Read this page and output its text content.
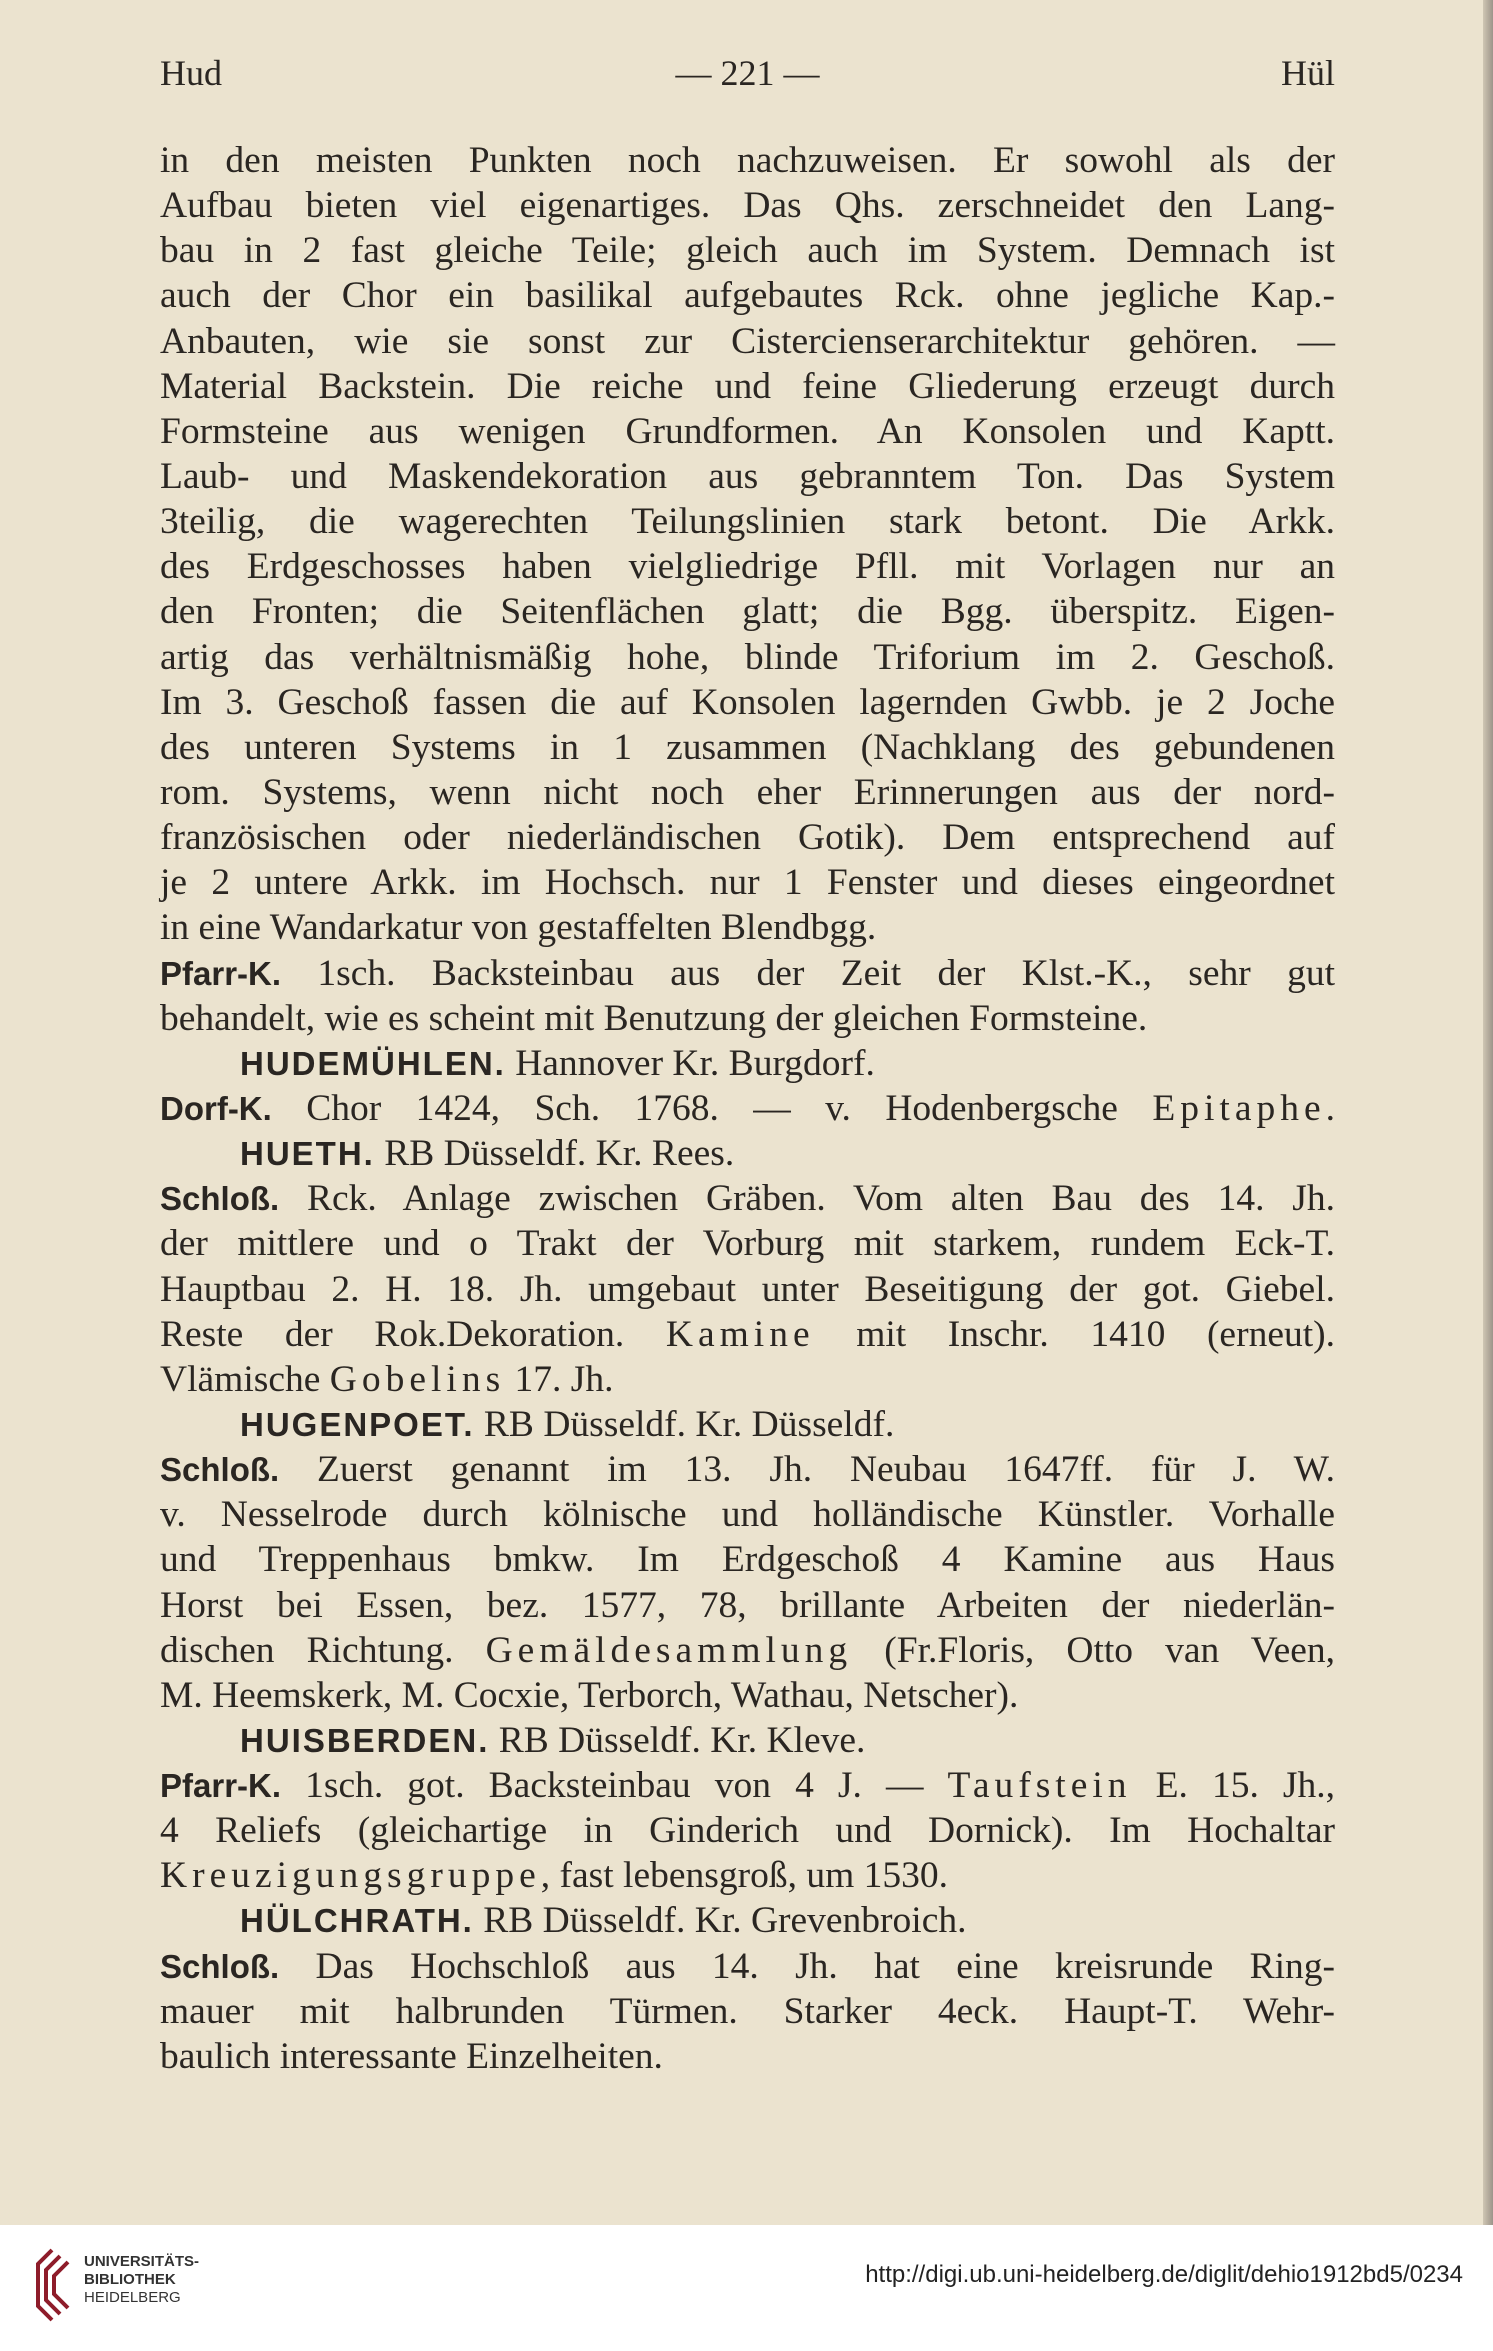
Hud	— 221 —	Hül
in den meisten Punkten noch nachzuweisen. Er sowohl als der
Aufbau bieten viel eigenartiges. Das Qhs. zerschneidet den Lang-
bau in 2 fast gleiche Teile; gleich auch im System. Demnach ist
auch der Chor ein basilikal aufgebautes Rck. ohne jegliche Kap.-
Anbauten, wie sie sonst zur Cistercienserarchitektur gehören. —
Material Backstein. Die reiche und feine Gliederung erzeugt durch
Formsteine aus wenigen Grundformen. An Konsolen und Kaptt.
Laub- und Maskendekoration aus gebranntem Ton. Das System
3teilig, die wagerechten Teilungslinien stark betont. Die Arkk.
des Erdgeschosses haben vielgliedrige Pfll. mit Vorlagen nur an
den Fronten; die Seitenflächen glatt; die Bgg. überspitz. Eigen-
artig das verhältnismäßig hohe, blinde Triforium im 2. Geschoß.
Im 3. Geschoß fassen die auf Konsolen lagernden Gwbb. je 2 Joche
des unteren Systems in 1 zusammen (Nachklang des gebundenen
rom. Systems, wenn nicht noch eher Erinnerungen aus der nord-
französischen oder niederländischen Gotik). Dem entsprechend auf
je 2 untere Arkk. im Hochsch. nur 1 Fenster und dieses eingeordnet
in eine Wandarkatur von gestaffelten Blendbgg.
Pfarr-K. 1sch. Backsteinbau aus der Zeit der Klst.-K., sehr gut
behandelt, wie es scheint mit Benutzung der gleichen Formsteine.
HUDEMÜHLEN. Hannover Kr. Burgdorf.
Dorf-K. Chor 1424, Sch. 1768. — v. Hodenbergsche Epitaphe.
HUETH. RB Düsseldf. Kr. Rees.
Schloß. Rck. Anlage zwischen Gräben. Vom alten Bau des 14. Jh.
der mittlere und o Trakt der Vorburg mit starkem, rundem Eck-T.
Hauptbau 2. H. 18. Jh. umgebaut unter Beseitigung der got. Giebel.
Reste der Rok.Dekoration. Kamine mit Inschr. 1410 (erneut).
Vlämische Gobelins 17. Jh.
HUGENPOET. RB Düsseldf. Kr. Düsseldf.
Schloß. Zuerst genannt im 13. Jh. Neubau 1647ff. für J. W.
v. Nesselrode durch kölnische und holländische Künstler. Vorhalle
und Treppenhaus bmkw. Im Erdgeschoß 4 Kamine aus Haus
Horst bei Essen, bez. 1577, 78, brillante Arbeiten der niederlän-
dischen Richtung. Gemäldesammlung (Fr.Floris, Otto van Veen,
M. Heemskerk, M. Cocxie, Terborch, Wathau, Netscher).
HUISBERDEN. RB Düsseldf. Kr. Kleve.
Pfarr-K. 1sch. got. Backsteinbau von 4 J. — Taufstein E. 15. Jh.,
4 Reliefs (gleichartige in Ginderich und Dornick). Im Hochaltar
Kreuzigungsgruppe, fast lebensgroß, um 1530.
HÜLCHRATH. RB Düsseldf. Kr. Grevenbroich.
Schloß. Das Hochschloß aus 14. Jh. hat eine kreisrunde Ring-
mauer mit halbrunden Türmen. Starker 4eck. Haupt-T. Wehr-
baulich interessante Einzelheiten.
UNIVERSITÄTS-
BIBLIOTHEK
HEIDELBERG
http://digi.ub.uni-heidelberg.de/diglit/dehio1912bd5/0234
